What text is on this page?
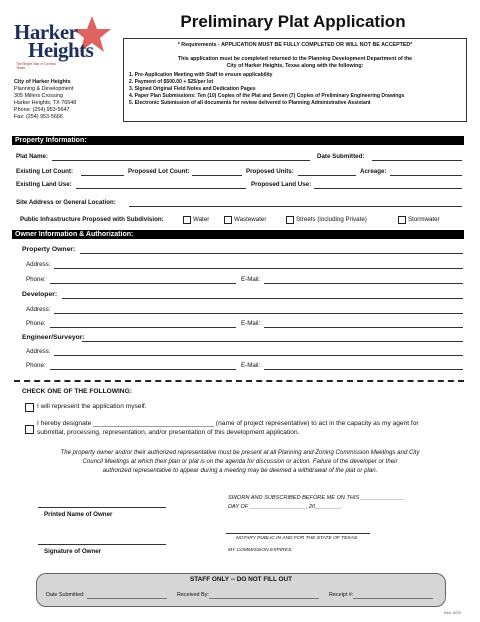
Harker
Heights
The Bright Star In Central Texas
Preliminary Plat Application
* Requirements - APPLICATION MUST BE FULLY COMPLETED OR WILL NOT BE ACCEPTED*
This application must be completed returned to the Planning Development Department of the
City of Harker Heights, Texas along with the following:
1. Pre-Application Meeting with Staff to ensure applicability
2. Payment of $500.00 + $25/per lot
3. Signed Original Field Notes and Dedication Pages
4. Paper Plan Submissions: Ten (10) Copies of the Plat and Seven (7) Copies of Preliminary Engineering Drawings
5. Electronic Submission of all documents for review delivered to Planning Administrative Assistant
City of Harker Heights
Planning & Development
305 Millers Crossing
Harker Heights, TX 76548
Phone: (254) 953-5647
Fax: (254) 953-5666
Property Information:
Plat Name:	Date Submitted:
Existing Lot Count:	Proposed Lot Count:	Proposed Units:	Acreage:
Existing Land Use:	Proposed Land Use:
Site Address or General Location:
Public Infrastructure Proposed with Subdivision:	Water	Wastewater	Streets (including Private)	Stormwater
Owner Information & Authorization:
Property Owner:
Address:
Phone:	E-Mail:
Developer:
Address:
Phone:	E-Mail:
Engineer/Surveyor:
Address:
Phone:	E-Mail:
CHECK ONE OF THE FOLLOWING:
I will represent the application myself.
I hereby designate _________________________________ (name of project representative) to act in the capacity as my agent for
submittal, processing, representation, and/or presentation of this development application.
The property owner and/or their authorized representative must be present at all Planning and Zoning Commission Meetings and City
Council Meetings at which their plan or plat is on the agenda for discussion or action. Failure of the developer or their
authorized representative to appear during a meeting may be deemed a withdrawal of the plat or plan.
Printed Name of Owner
Signature of Owner
SWORN AND SUBSCRIBED BEFORE ME ON THIS ______________
DAY OF __________________, 20________.
NOTARY PUBLIC IN AND FOR THE STATE OF TEXAS
MY COMMISSION EXPIRES:
STAFF ONLY -- DO NOT FILL OUT
Date Submitted:	Received By:	Receipt #:
Rev. 5/20
